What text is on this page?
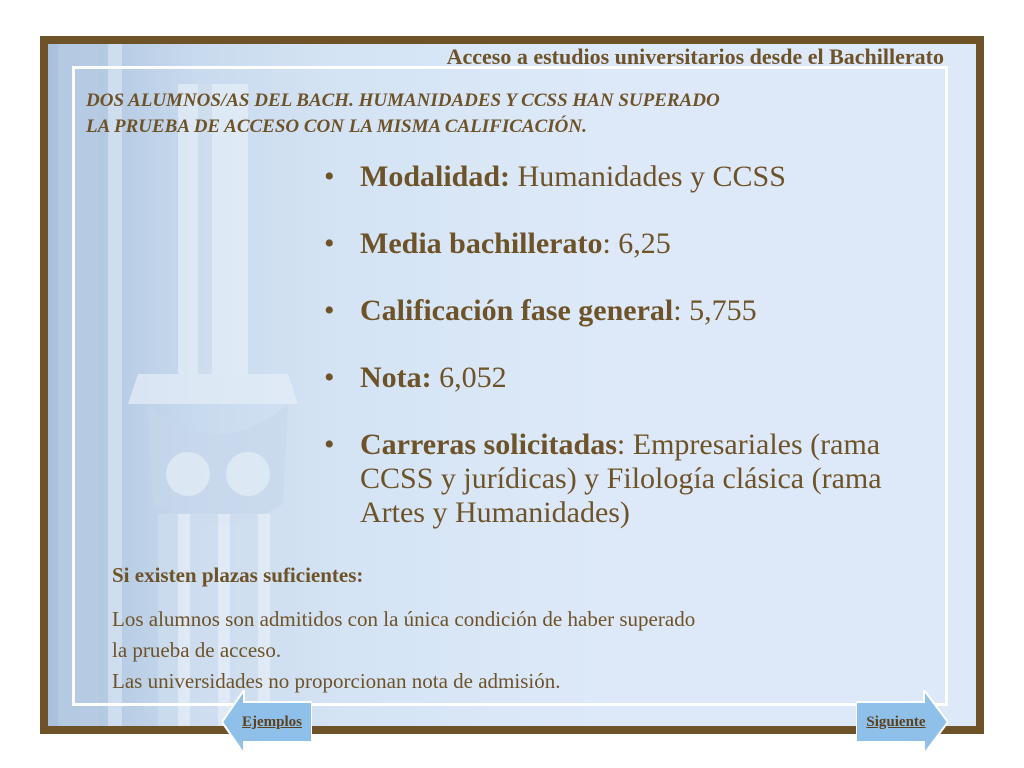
Acceso a estudios universitarios desde el Bachillerato
DOS ALUMNOS/AS DEL BACH. HUMANIDADES Y CCSS HAN SUPERADO
LA PRUEBA DE ACCESO CON LA MISMA CALIFICACIÓN.
• Modalidad: Humanidades y CCSS
• Media bachillerato: 6,25
• Calificación fase general: 5,755
• Nota: 6,052
• Carreras solicitadas: Empresariales (rama CCSS y jurídicas) y Filología clásica (rama Artes y Humanidades)
Si existen plazas suficientes:
Los alumnos son admitidos con la única condición de haber superado
la prueba de acceso.
Las universidades no proporcionan nota de admisión.
Ejemplos	Siguiente
